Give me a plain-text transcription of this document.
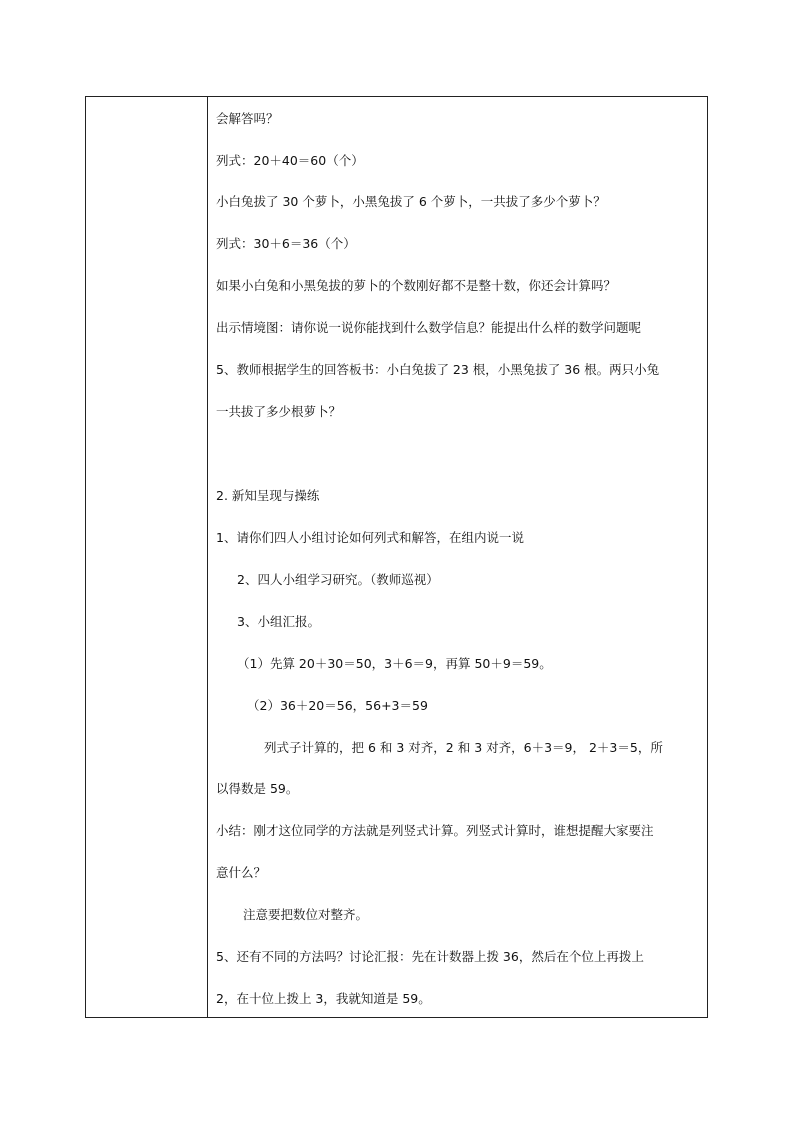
会解答吗？
列式：20＋40＝60（个）
小白兔拔了 30 个萝卜，小黑兔拔了 6 个萝卜，一共拔了多少个萝卜？
列式：30＋6＝36（个）
如果小白兔和小黑兔拔的萝卜的个数刚好都不是整十数，你还会计算吗？
出示情境图：请你说一说你能找到什么数学信息？能提出什么样的数学问题呢
5、教师根据学生的回答板书：小白兔拔了 23 根，小黑兔拔了 36 根。两只小兔
一共拔了多少根萝卜？
2. 新知呈现与操练
1、请你们四人小组讨论如何列式和解答，在组内说一说
2、四人小组学习研究。（教师巡视）
3、小组汇报。
（1）先算 20＋30＝50，3＋6＝9，再算 50＋9＝59。
（2）36＋20＝56，56+3＝59
列式子计算的，把 6 和 3 对齐，2 和 3 对齐，6＋3＝9， 2＋3＝5，所
以得数是 59。
小结：刚才这位同学的方法就是列竖式计算。列竖式计算时，谁想提醒大家要注
意什么？
注意要把数位对整齐。
5、还有不同的方法吗？讨论汇报：先在计数器上拨 36，然后在个位上再拨上
2，在十位上拨上 3，我就知道是 59。
